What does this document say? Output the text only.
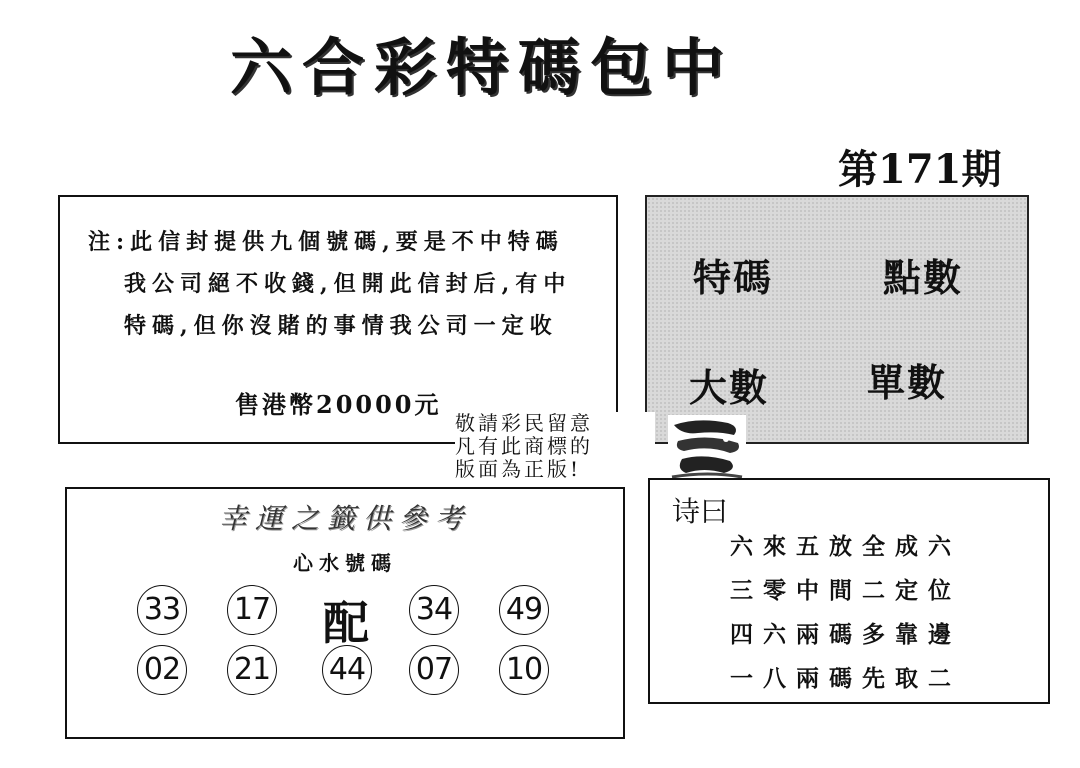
六合彩特碼包中
第171期
注:此信封提供九個號碼,要是不中特碼
我公司絕不收錢,但開此信封后,有中
特碼,但你沒賭的事情我公司一定收
售港幣20000元
特碼	點數
大數	單數
敬請彩民留意
凡有此商標的
版面為正版!
幸運之籤供參考
心水號碼
33 17 配 34 49
02 21 44 07 10
诗曰
六來五放全成六
三零中間二定位
四六兩碼多靠邊
一八兩碼先取二
